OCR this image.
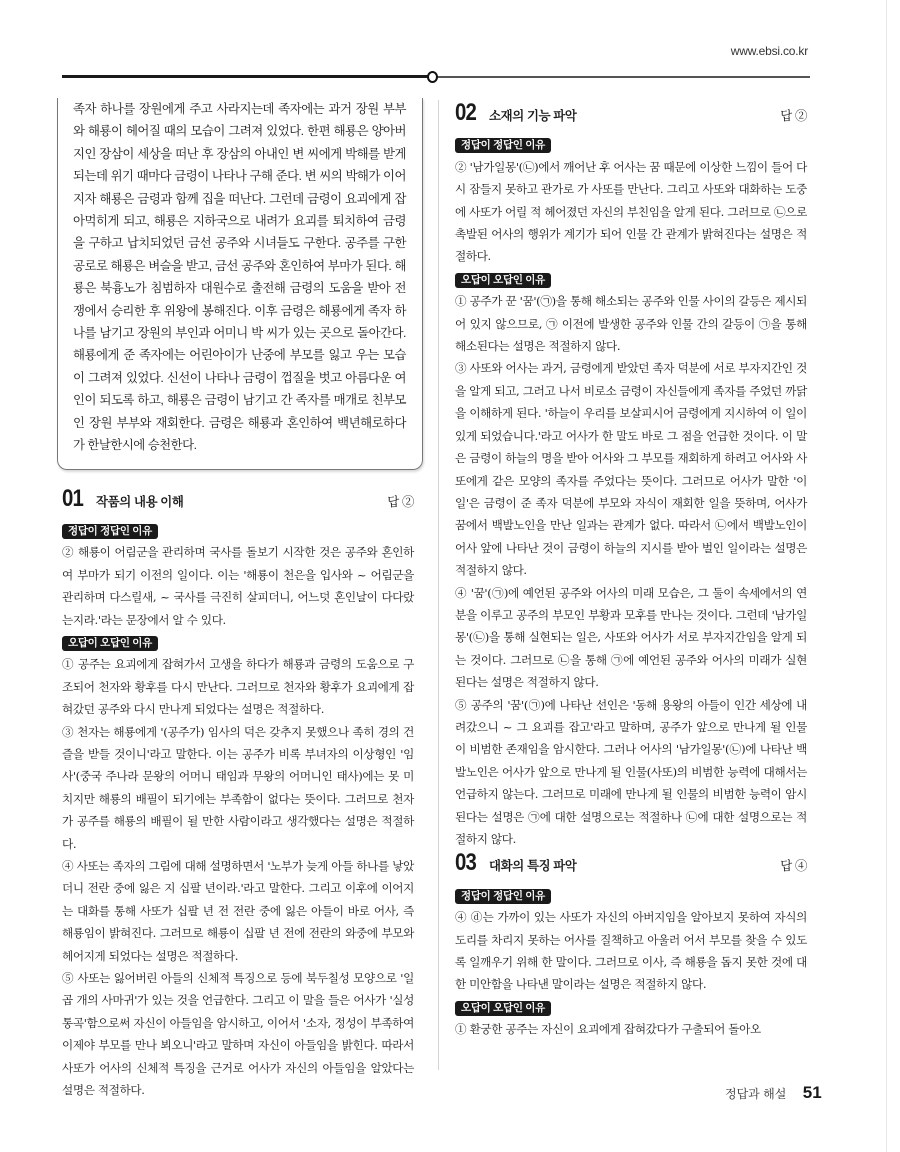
www.ebsi.co.kr

족자 하나를 장원에게 주고 사라지는데 족자에는 과거 장원 부부와 해룡이 헤어질 때의 모습이 그려져 있었다. 한편 해룡은 양아버지인 장삼이 세상을 떠난 후 장삼의 아내인 변 씨에게 박해를 받게 되는데 위기 때마다 금령이 나타나 구해 준다. 변 씨의 박해가 이어지자 해룡은 금령과 함께 집을 떠난다. 그런데 금령이 요괴에게 잡아먹히게 되고, 해룡은 지하국으로 내려가 요괴를 퇴치하여 금령을 구하고 납치되었던 금선 공주와 시녀들도 구한다. 공주를 구한 공로로 해룡은 벼슬을 받고, 금선 공주와 혼인하여 부마가 된다. 해룡은 북흉노가 침범하자 대원수로 출전해 금령의 도움을 받아 전쟁에서 승리한 후 위왕에 봉해진다. 이후 금령은 해룡에게 족자 하나를 남기고 장원의 부인과 어미니 박 씨가 있는 곳으로 돌아간다. 해룡에게 준 족자에는 어린아이가 난중에 부모를 잃고 우는 모습이 그려져 있었다. 신선이 나타나 금령이 껍질을 벗고 아름다운 여인이 되도록 하고, 해룡은 금령이 남기고 간 족자를 매개로 친부모인 장원 부부와 재회한다. 금령은 해룡과 혼인하여 백년해로하다가 한날한시에 승천한다.

01 작품의 내용 이해	답 ②
정답이 정답인 이유

② 해룡이 어림군을 관리하며 국사를 돌보기 시작한 것은 공주와 혼인하여 부마가 되기 이전의 일이다. 이는 '해룡이 천은을 입사와 ~ 어림군을 관리하며 다스릴새, ~ 국사를 극진히 살피더니, 어느덧 혼인날이 다다랐는지라.'라는 문장에서 알 수 있다.

오답이 오답인 이유

① 공주는 요괴에게 잡혀가서 고생을 하다가 해룡과 금령의 도움으로 구조되어 천자와 황후를 다시 만난다. 그러므로 천자와 황후가 요괴에게 잡혀갔던 공주와 다시 만나게 되었다는 설명은 적절하다.

③ 천자는 해룡에게 '(공주가) 임사의 덕은 갖추지 못했으나 족히 경의 건즐을 받들 것이니'라고 말한다. 이는 공주가 비록 부녀자의 이상형인 '임사'(중국 주나라 문왕의 어머니 태임과 무왕의 어머니인 태사)에는 못 미치지만 해룡의 배필이 되기에는 부족함이 없다는 뜻이다. 그러므로 천자가 공주를 해룡의 배필이 될 만한 사람이라고 생각했다는 설명은 적절하다.

④ 사또는 족자의 그림에 대해 설명하면서 '노부가 늦게 아들 하나를 낳았더니 전란 중에 잃은 지 십팔 년이라.'라고 말한다. 그리고 이후에 이어지는 대화를 통해 사또가 십팔 년 전 전란 중에 잃은 아들이 바로 어사, 즉 해룡임이 밝혀진다. 그러므로 해룡이 십팔 년 전에 전란의 와중에 부모와 헤어지게 되었다는 설명은 적절하다.

⑤ 사또는 잃어버린 아들의 신체적 특징으로 등에 북두칠성 모양으로 '일곱 개의 사마귀'가 있는 것을 언급한다. 그리고 이 말을 들은 어사가 '실성통곡'함으로써 자신이 아들임을 암시하고, 이어서 '소자, 정성이 부족하여 이제야 부모를 만나 뵈오니'라고 말하며 자신이 아들임을 밝힌다. 따라서 사또가 어사의 신체적 특징을 근거로 어사가 자신의 아들임을 알았다는 설명은 적절하다.

02 소재의 기능 파악	답 ②
정답이 정답인 이유

② '남가일몽'(㉡)에서 깨어난 후 어사는 꿈 때문에 이상한 느낌이 들어 다시 잠들지 못하고 관가로 가 사또를 만난다. 그리고 사또와 대화하는 도중에 사또가 어릴 적 헤어졌던 자신의 부친임을 알게 된다. 그러므로 ㉡으로 촉발된 어사의 행위가 계기가 되어 인물 간 관계가 밝혀진다는 설명은 적절하다.

오답이 오답인 이유

① 공주가 꾼 '꿈'(㉠)을 통해 해소되는 공주와 인물 사이의 갈등은 제시되어 있지 않으므로, ㉠ 이전에 발생한 공주와 인물 간의 갈등이 ㉠을 통해 해소된다는 설명은 적절하지 않다.

③ 사또와 어사는 과거, 금령에게 받았던 족자 덕분에 서로 부자지간인 것을 알게 되고, 그러고 나서 비로소 금령이 자신들에게 족자를 주었던 까닭을 이해하게 된다. '하늘이 우리를 보살피시어 금령에게 지시하여 이 일이 있게 되었습니다.'라고 어사가 한 말도 바로 그 점을 언급한 것이다. 이 말은 금령이 하늘의 명을 받아 어사와 그 부모를 재회하게 하려고 어사와 사또에게 같은 모양의 족자를 주었다는 뜻이다. 그러므로 어사가 말한 '이 일'은 금령이 준 족자 덕분에 부모와 자식이 재회한 일을 뜻하며, 어사가 꿈에서 백발노인을 만난 일과는 관계가 없다. 따라서 ㉡에서 백발노인이 어사 앞에 나타난 것이 금령이 하늘의 지시를 받아 벌인 일이라는 설명은 적절하지 않다.

④ '꿈'(㉠)에 예언된 공주와 어사의 미래 모습은, 그 둘이 속세에서의 연분을 이루고 공주의 부모인 부황과 모후를 만나는 것이다. 그런데 '남가일몽'(㉡)을 통해 실현되는 일은, 사또와 어사가 서로 부자지간임을 알게 되는 것이다. 그러므로 ㉡을 통해 ㉠에 예언된 공주와 어사의 미래가 실현된다는 설명은 적절하지 않다.

⑤ 공주의 '꿈'(㉠)에 나타난 선인은 '동해 용왕의 아들이 인간 세상에 내려갔으니 ~ 그 요괴를 잡고'라고 말하며, 공주가 앞으로 만나게 될 인물이 비범한 존재임을 암시한다. 그러나 어사의 '남가일몽'(㉡)에 나타난 백발노인은 어사가 앞으로 만나게 될 인물(사또)의 비범한 능력에 대해서는 언급하지 않는다. 그러므로 미래에 만나게 될 인물의 비범한 능력이 암시된다는 설명은 ㉠에 대한 설명으로는 적절하나 ㉡에 대한 설명으로는 적절하지 않다.

03 대화의 특징 파악	답 ④
정답이 정답인 이유

④ ⓓ는 가까이 있는 사또가 자신의 아버지임을 알아보지 못하여 자식의 도리를 차리지 못하는 어사를 질책하고 아울러 어서 부모를 찾을 수 있도록 일깨우기 위해 한 말이다. 그러므로 이사, 즉 해룡을 돕지 못한 것에 대한 미안함을 나타낸 말이라는 설명은 적절하지 않다.

오답이 오답인 이유

① 환궁한 공주는 자신이 요괴에게 잡혀갔다가 구출되어 돌아오

정답과 해설 51
